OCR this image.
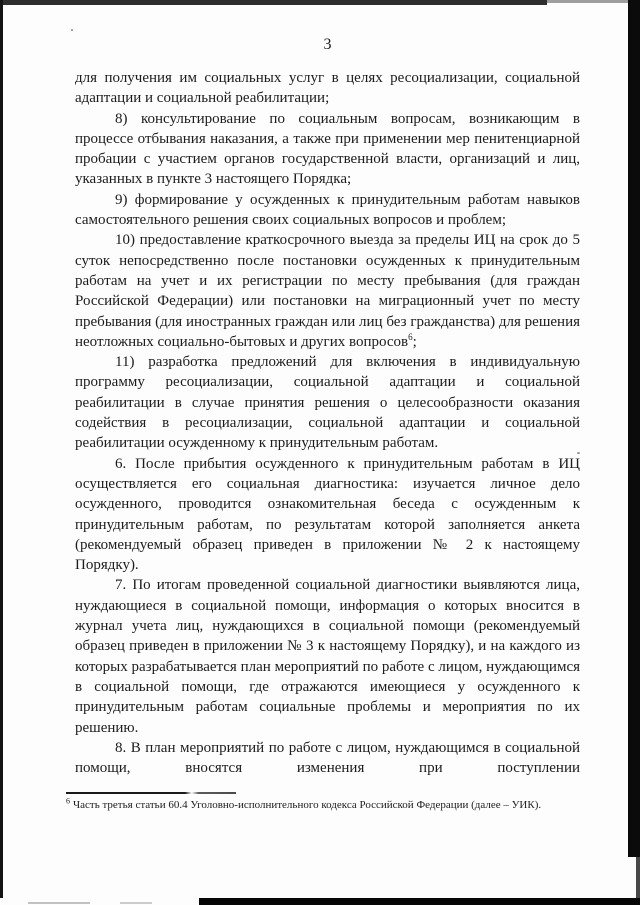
3

для получения им социальных услуг в целях ресоциализации, социальной адаптации и социальной реабилитации;

8) консультирование по социальным вопросам, возникающим в процессе отбывания наказания, а также при применении мер пенитенциарной пробации с участием органов государственной власти, организаций и лиц, указанных в пункте 3 настоящего Порядка;

9) формирование у осужденных к принудительным работам навыков самостоятельного решения своих социальных вопросов и проблем;

10) предоставление краткосрочного выезда за пределы ИЦ на срок до 5 суток непосредственно после постановки осужденных к принудительным работам на учет и их регистрации по месту пребывания (для граждан Российской Федерации) или постановки на миграционный учет по месту пребывания (для иностранных граждан или лиц без гражданства) для решения неотложных социально-бытовых и других вопросов$^6$;

11) разработка предложений для включения в индивидуальную программу ресоциализации, социальной адаптации и социальной реабилитации в случае принятия решения о целесообразности оказания содействия в ресоциализации, социальной адаптации и социальной реабилитации осужденному к принудительным работам.

6. После прибытия осужденного к принудительным работам в ИЦ осуществляется его социальная диагностика: изучается личное дело осужденного, проводится ознакомительная беседа с осужденным к принудительным работам, по результатам которой заполняется анкета (рекомендуемый образец приведен в приложении № 2 к настоящему Порядку).

7. По итогам проведенной социальной диагностики выявляются лица, нуждающиеся в социальной помощи, информация о которых вносится в журнал учета лиц, нуждающихся в социальной помощи (рекомендуемый образец приведен в приложении № 3 к настоящему Порядку), и на каждого из которых разрабатывается план мероприятий по работе с лицом, нуждающимся в социальной помощи, где отражаются имеющиеся у осужденного к принудительным работам социальные проблемы и мероприятия по их решению.

8. В план мероприятий по работе с лицом, нуждающимся в социальной помощи, вносятся изменения при поступлении

$^6$ Часть третья статьи 60.4 Уголовно-исполнительного кодекса Российской Федерации (далее – УИК).
